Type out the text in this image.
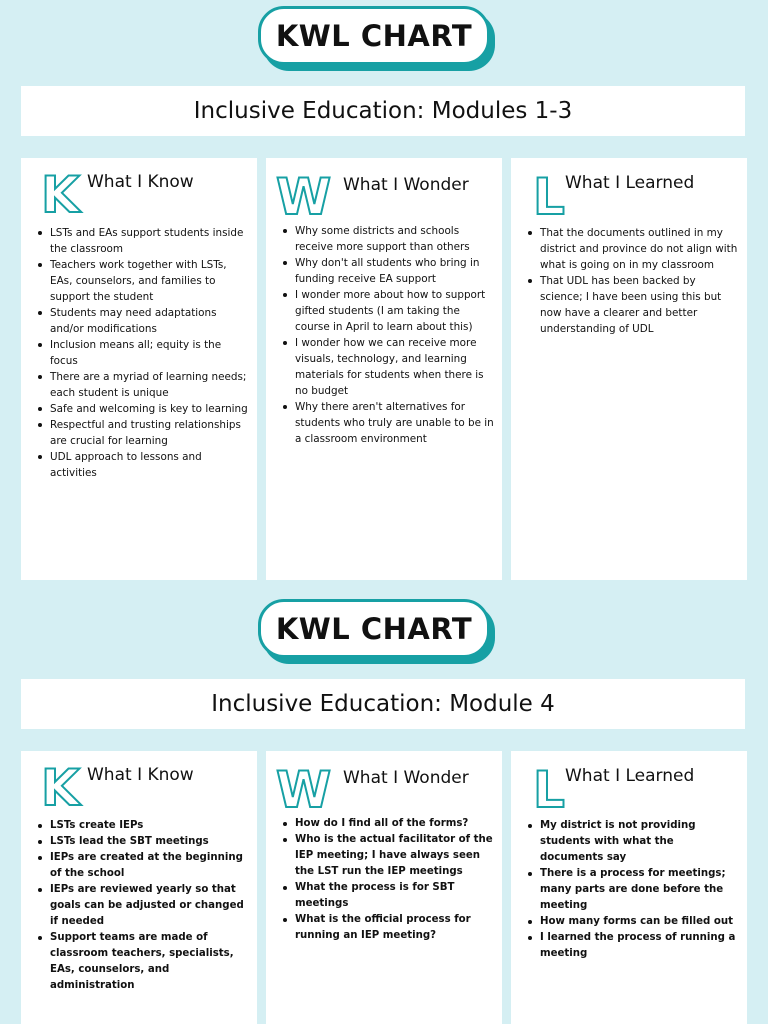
KWL CHART
Inclusive Education: Modules 1-3
K What I Know
LSTs and EAs support students inside the classroom
Teachers work together with LSTs, EAs, counselors, and families to support the student
Students may need adaptations and/or modifications
Inclusion means all; equity is the focus
There are a myriad of learning needs; each student is unique
Safe and welcoming is key to learning
Respectful and trusting relationships are crucial for learning
UDL approach to lessons and activities
W What I Wonder
Why some districts and schools receive more support than others
Why don't all students who bring in funding receive EA support
I wonder more about how to support gifted students (I am taking the course in April to learn about this)
I wonder how we can receive more visuals, technology, and learning materials for students when there is no budget
Why there aren't alternatives for students who truly are unable to be in a classroom environment
L What I Learned
That the documents outlined in my district and province do not align with what is going on in my classroom
That UDL has been backed by science; I have been using this but now have a clearer and better understanding of UDL
KWL CHART
Inclusive Education: Module 4
K What I Know
LSTs create IEPs
LSTs lead the SBT meetings
IEPs are created at the beginning of the school
IEPs are reviewed yearly so that goals can be adjusted or changed if needed
Support teams are made of classroom teachers, specialists, EAs, counselors, and administration
W What I Wonder
How do I find all of the forms?
Who is the actual facilitator of the IEP meeting; I have always seen the LST run the IEP meetings
What the process is for SBT meetings
What is the official process for running an IEP meeting?
L What I Learned
My district is not providing students with what the documents say
There is a process for meetings; many parts are done before the meeting
How many forms can be filled out
I learned the process of running a meeting
